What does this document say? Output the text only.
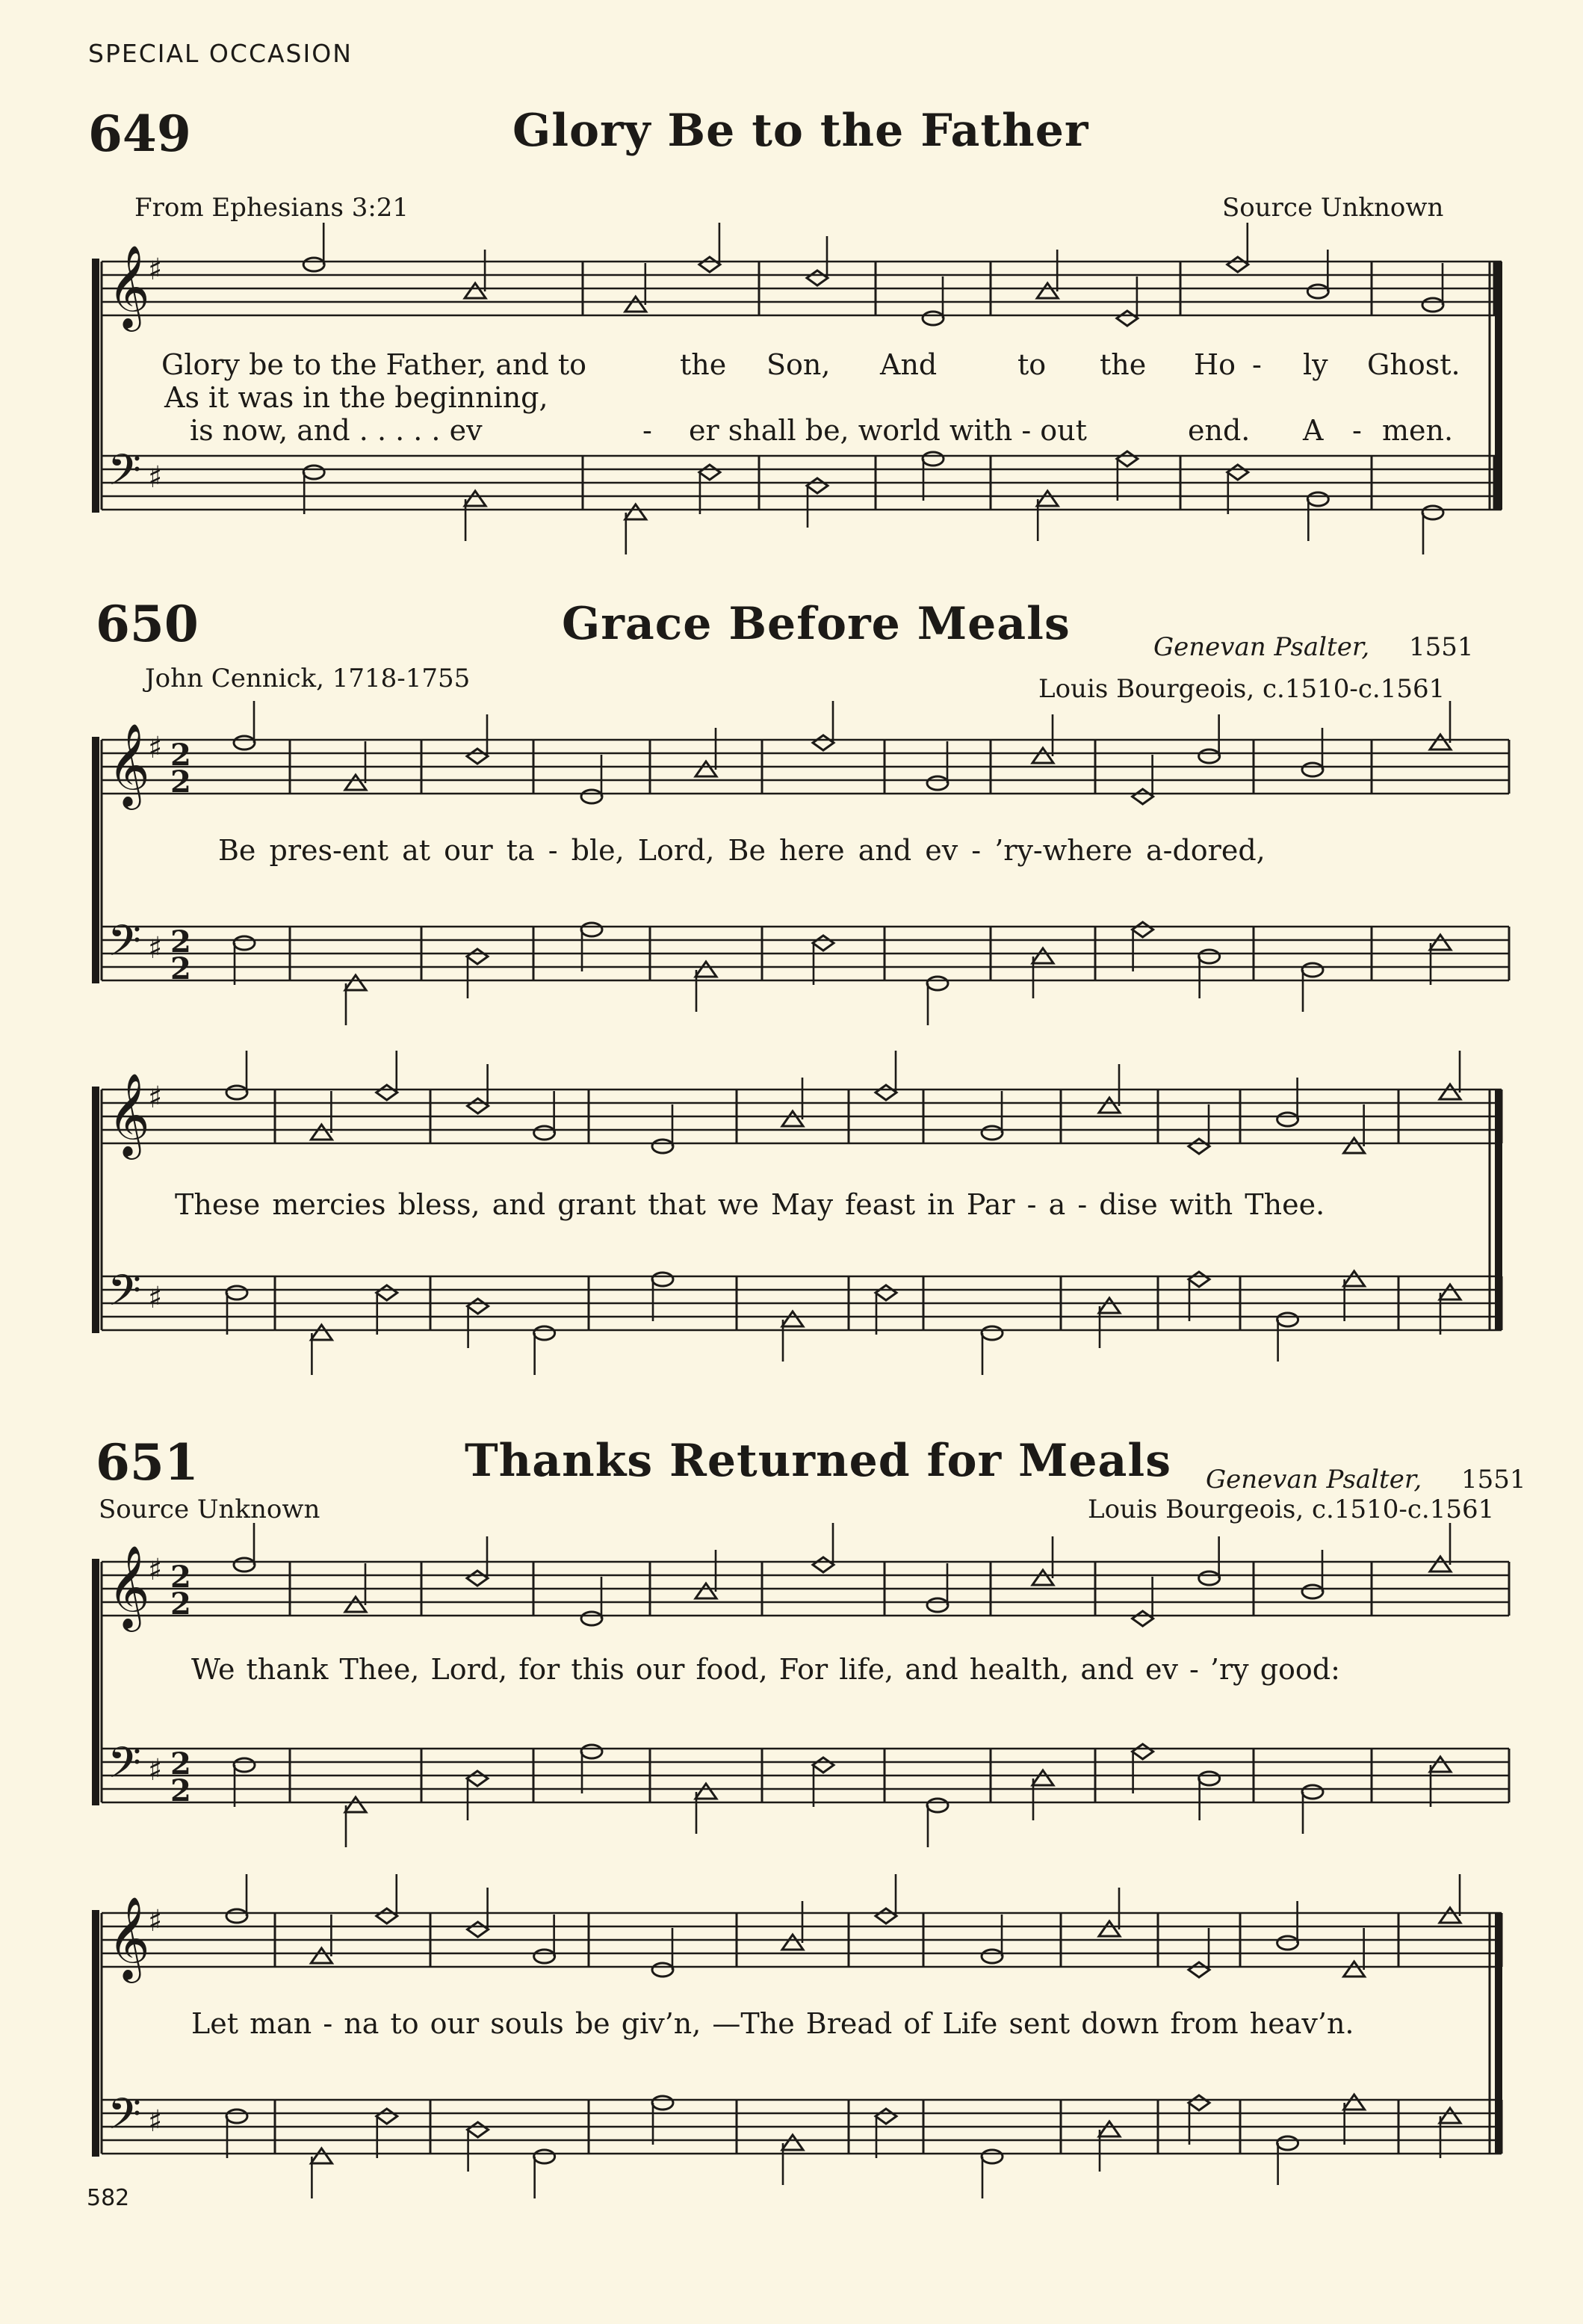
SPECIAL OCCASION
649	Glory Be to the Father
From Ephesians 3:21	Source Unknown
𝄞
♯
𝄢 ♯
Glory be to the Father, and to	the Son, And	to the Ho - ly Ghost.
As it was in the beginning,
is now, and . . . . . ev	- er shall be, world with - out	end. A - men.
650	Grace Before Meals	Genevan Psalter, 1551
John Cennick, 1718-1755	Louis Bourgeois, c.1510-c.1561
𝄞
♯ 2
2
𝄢 ♯ 2
2
Be pres-ent at our ta - ble, Lord, Be here and ev - ’ry-where a-dored,
𝄞
♯
𝄢 ♯
These mercies bless, and grant that we May feast in Par - a - dise with Thee.
651	Thanks Returned for Meals Genevan Psalter, 1551
Source Unknown	Louis Bourgeois, c.1510-c.1561
𝄞
♯ 2
2
𝄢 ♯ 2
2
We thank Thee, Lord, for this our food, For life, and health, and ev - ’ry good:
𝄞
♯
𝄢 ♯
Let man - na to our souls be giv’n, —The Bread of Life sent down from heav’n.
582
